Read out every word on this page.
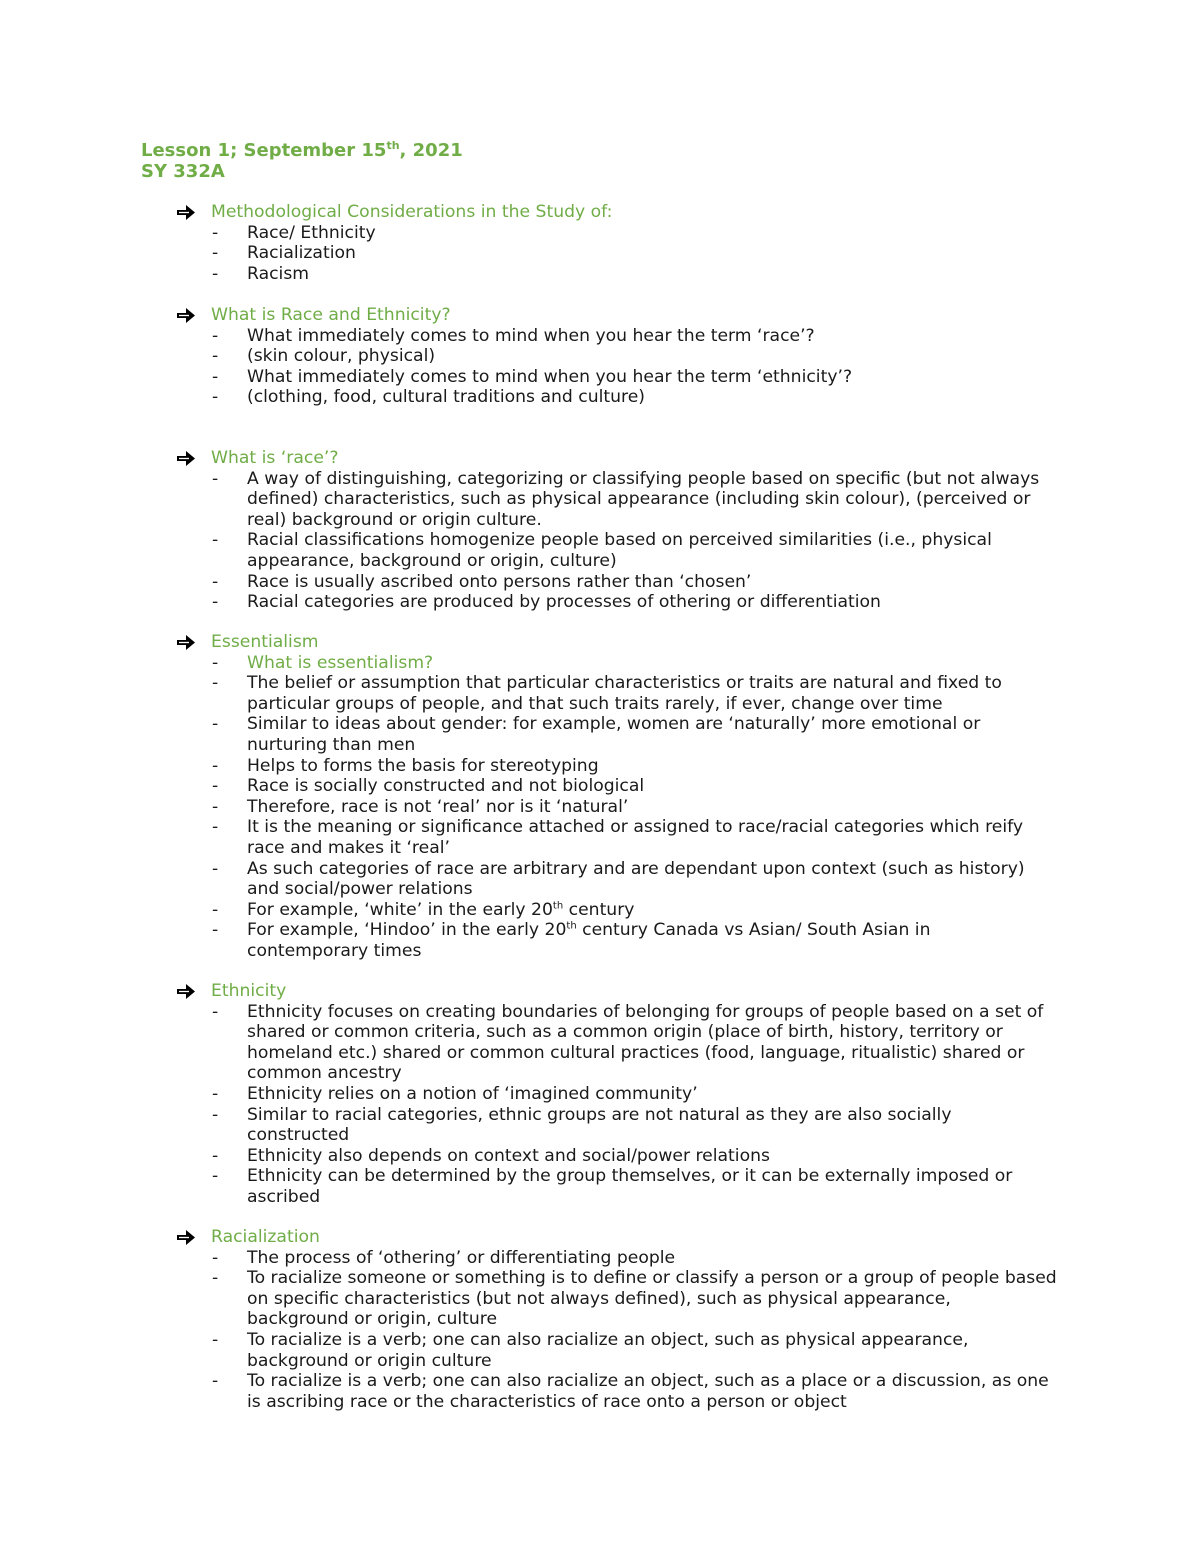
Lesson 1; September 15th, 2021
SY 332A
Methodological Considerations in the Study of:
- Race/ Ethnicity
- Racialization
- Racism
What is Race and Ethnicity?
- What immediately comes to mind when you hear the term ‘race’?
- (skin colour, physical)
- What immediately comes to mind when you hear the term ‘ethnicity’?
- (clothing, food, cultural traditions and culture)
What is ‘race’?
- A way of distinguishing, categorizing or classifying people based on specific (but not always defined) characteristics, such as physical appearance (including skin colour), (perceived or real) background or origin culture.
- Racial classifications homogenize people based on perceived similarities (i.e., physical appearance, background or origin, culture)
- Race is usually ascribed onto persons rather than ‘chosen’
- Racial categories are produced by processes of othering or differentiation
Essentialism
- What is essentialism?
- The belief or assumption that particular characteristics or traits are natural and fixed to particular groups of people, and that such traits rarely, if ever, change over time
- Similar to ideas about gender: for example, women are ‘naturally’ more emotional or nurturing than men
- Helps to forms the basis for stereotyping
- Race is socially constructed and not biological
- Therefore, race is not ‘real’ nor is it ‘natural’
- It is the meaning or significance attached or assigned to race/racial categories which reify race and makes it ‘real’
- As such categories of race are arbitrary and are dependant upon context (such as history) and social/power relations
- For example, ‘white’ in the early 20th century
- For example, ‘Hindoo’ in the early 20th century Canada vs Asian/ South Asian in contemporary times
Ethnicity
- Ethnicity focuses on creating boundaries of belonging for groups of people based on a set of shared or common criteria, such as a common origin (place of birth, history, territory or homeland etc.) shared or common cultural practices (food, language, ritualistic) shared or common ancestry
- Ethnicity relies on a notion of ‘imagined community’
- Similar to racial categories, ethnic groups are not natural as they are also socially constructed
- Ethnicity also depends on context and social/power relations
- Ethnicity can be determined by the group themselves, or it can be externally imposed or ascribed
Racialization
- The process of ‘othering’ or differentiating people
- To racialize someone or something is to define or classify a person or a group of people based on specific characteristics (but not always defined), such as physical appearance, background or origin, culture
- To racialize is a verb; one can also racialize an object, such as physical appearance, background or origin culture
- To racialize is a verb; one can also racialize an object, such as a place or a discussion, as one is ascribing race or the characteristics of race onto a person or object
